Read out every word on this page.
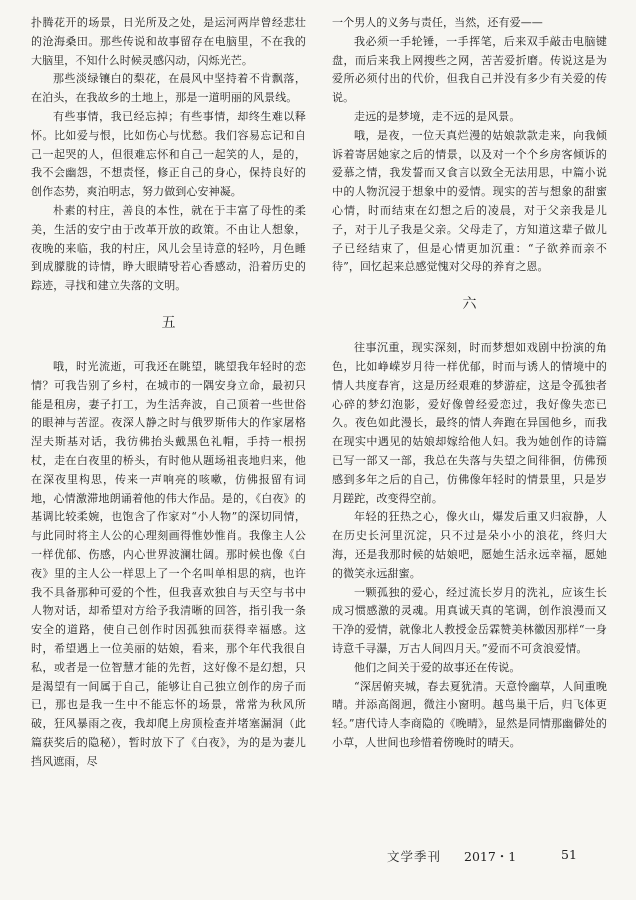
扑腾花开的场景，日光所及之处，是运河两岸曾经悲壮的沧海桑田。那些传说和故事留存在电脑里，不在我的大脑里，不知什么时候灵感闪动，闪烁光芒。

那些淡绿镶白的梨花，在晨风中坚持着不肯飘落，在泊头，在我故乡的土地上，那是一道明丽的风景线。

有些事情，我已经忘掉；有些事情，却终生难以释怀。比如爱与恨，比如伤心与忧愁。我们容易忘记和自己一起哭的人，但很难忘怀和自己一起笑的人，是的，我不会幽怨，不想责怪，修正自己的身心，保持良好的创作态势，爽泊明志，努力做到心安神凝。

朴素的村庄，善良的本性，就在于丰富了母性的柔美，生活的安宁由于改革开放的政策。不由让人想象，夜晚的来临，我的村庄，风儿会呈诗意的轻吟，月色睡到成朦胧的诗情，睁大眼睛땅若心香感动，沿着历史的踪迹，寻找和建立失落的文明。

五

哦，时光流逝，可我还在眺望，眺望我年轻时的恋情？可我告别了乡村，在城市的一隅安身立命，最初只能是租房，妻子打工，为生活奔波，自己顶着一些世俗的眼神与苦涩。夜深人静之时与俄罗斯伟大的作家屠格涅夫斯基对话，我彷佛抬头戴黑色礼帽，手持一根拐杖，走在白夜里的桥头，有时他从题场祖丧地归来，他在深夜里构思，传来一声响亮的咳嗽，仿佛报留有词地，心情激滞地朗诵着他的伟大作品。是的，《白夜》的基调比较柔婉，也饱含了作家对“小人物”的深切同情，与此同时将主人公的心理刻画得惟妙惟肖。我像主人公一样优郁、伤感，内心世界波澜壮阔。那时候也像《白夜》里的主人公一样思上了一个名叫单相思的病，也许我不具备那种可爱的个性，但我喜欢独自与天空与书中人物对话，却希望对方给予我清晰的回答，指引我一条安全的道路，使自己创作时因孤独而获得幸福感。这时，希望遇上一位美丽的姑娘，看来，那个年代我很自私，或者是一位智慧才能的先哲，这好像不是幻想，只是渴望有一间属于自己，能够让自己独立创作的房子而已，那也是我一生中不能忘怀的场景，常常为秋风所破，狂风暴雨之夜，我却爬上房顶检查并堵塞漏洞（此篇获奖后的隐秘），暂时放下了《白夜》，为的是为妻儿挡风遮雨，尽

一个男人的义务与责任，当然，还有爱——

我必须一手轮锤，一手挥笔，后来双手敲击电脑键盘，而后来我上网搜些之网，苦苦爱折磨。传说这是为爱所必须付出的代价，但我自己并没有多少有关爱的传说。

走远的是梦境，走不远的是风景。

哦，是夜，一位天真烂漫的姑娘款款走来，向我倾诉着寄居她家之后的情景，以及对一个个乡房客倾诉的爱慕之情，我发誓而又食言以致全无法用思，中篇小说中的人物沉浸于想象中的爱情。现实的苦与想象的甜蜜心情，时而结束在幻想之后的凌晨，对于父亲我是儿子，对于儿子我是父亲。父母走了，方知道这辈子做儿子已经结束了，但是心情更加沉重：“子欲养而亲不待”，回忆起来总感觉愧对父母的养育之恩。

六

往事沉重，现实深刻，时而梦想如戏剧中扮演的角色，比如峥嵘岁月待一样优郁，时而与诱人的情境中的情人共度春宵，这是历经艰难的梦游症，这是令孤独者心碎的梦幻泡影，爱好像曾经爱恋过，我好像失恋已久。夜色如此漫长，最终的情人奔跑在异国他乡，而我在现实中遇见的姑娘却嫁给他人妇。我为她创作的诗篇已写一部又一部，我总在失落与失望之间徘徊，仿佛预感到多年之后的自己，仿佛像年轻时的情景里，只是岁月蹉跎，改变得空前。

年轻的狂热之心，像火山，爆发后重又归寂静，人在历史长河里沉淀，只不过是朵小小的浪花，终归大海，还是我那时候的姑娘吧，愿她生活永远幸福，愿她的微笑永远甜蜜。

一颗孤独的爱心，经过流长岁月的洗礼，应该生长成习惯感激的灵魂。用真诚天真的笔调，创作浪漫而又干净的爱情，就像北人教授金岳霖赞美林徽因那样“一身诗意千寻瀑，万古人间四月天。”爱而不可贪浪爱情。

他们之间关于爱的故事还在传说。

“深居俯夹城，春去夏犹清。天意怜幽草，人间重晚晴。并添高阁迥，微注小窗明。越鸟巢干后，归飞体更轻。”唐代诗人李商隐的《晚晴》，显然是同情那幽僻处的小草，人世间也珍惜着傍晚时的晴天。

文学季刊 2017・1	51
